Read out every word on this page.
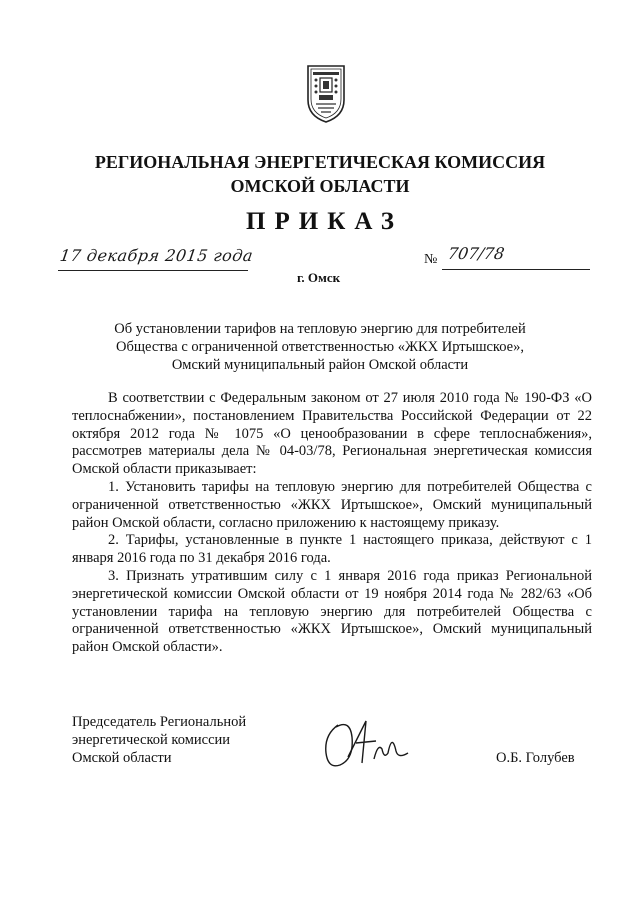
РЕГИОНАЛЬНАЯ ЭНЕРГЕТИЧЕСКАЯ КОМИССИЯ
ОМСКОЙ ОБЛАСТИ
ПРИКАЗ
17 декабря 2015 года
г. Омск
№ 707/78
Об установлении тарифов на тепловую энергию для потребителей
Общества с ограниченной ответственностью «ЖКХ Иртышское»,
Омский муниципальный район Омской области

В соответствии с Федеральным законом от 27 июля 2010 года № 190-ФЗ «О теплоснабжении», постановлением Правительства Российской Федерации от 22 октября 2012 года № 1075 «О ценообразовании в сфере теплоснабжения», рассмотрев материалы дела № 04-03/78, Региональная энергетическая комиссия Омской области приказывает:

1. Установить тарифы на тепловую энергию для потребителей Общества с ограниченной ответственностью «ЖКХ Иртышское», Омский муниципальный район Омской области, согласно приложению к настоящему приказу.

2. Тарифы, установленные в пункте 1 настоящего приказа, действуют с 1 января 2016 года по 31 декабря 2016 года.

3. Признать утратившим силу с 1 января 2016 года приказ Региональной энергетической комиссии Омской области от 19 ноября 2014 года № 282/63 «Об установлении тарифа на тепловую энергию для потребителей Общества с ограниченной ответственностью «ЖКХ Иртышское», Омский муниципальный район Омской области».

Председатель Региональной
энергетической комиссии
Омской области	О.Б. Голубев
